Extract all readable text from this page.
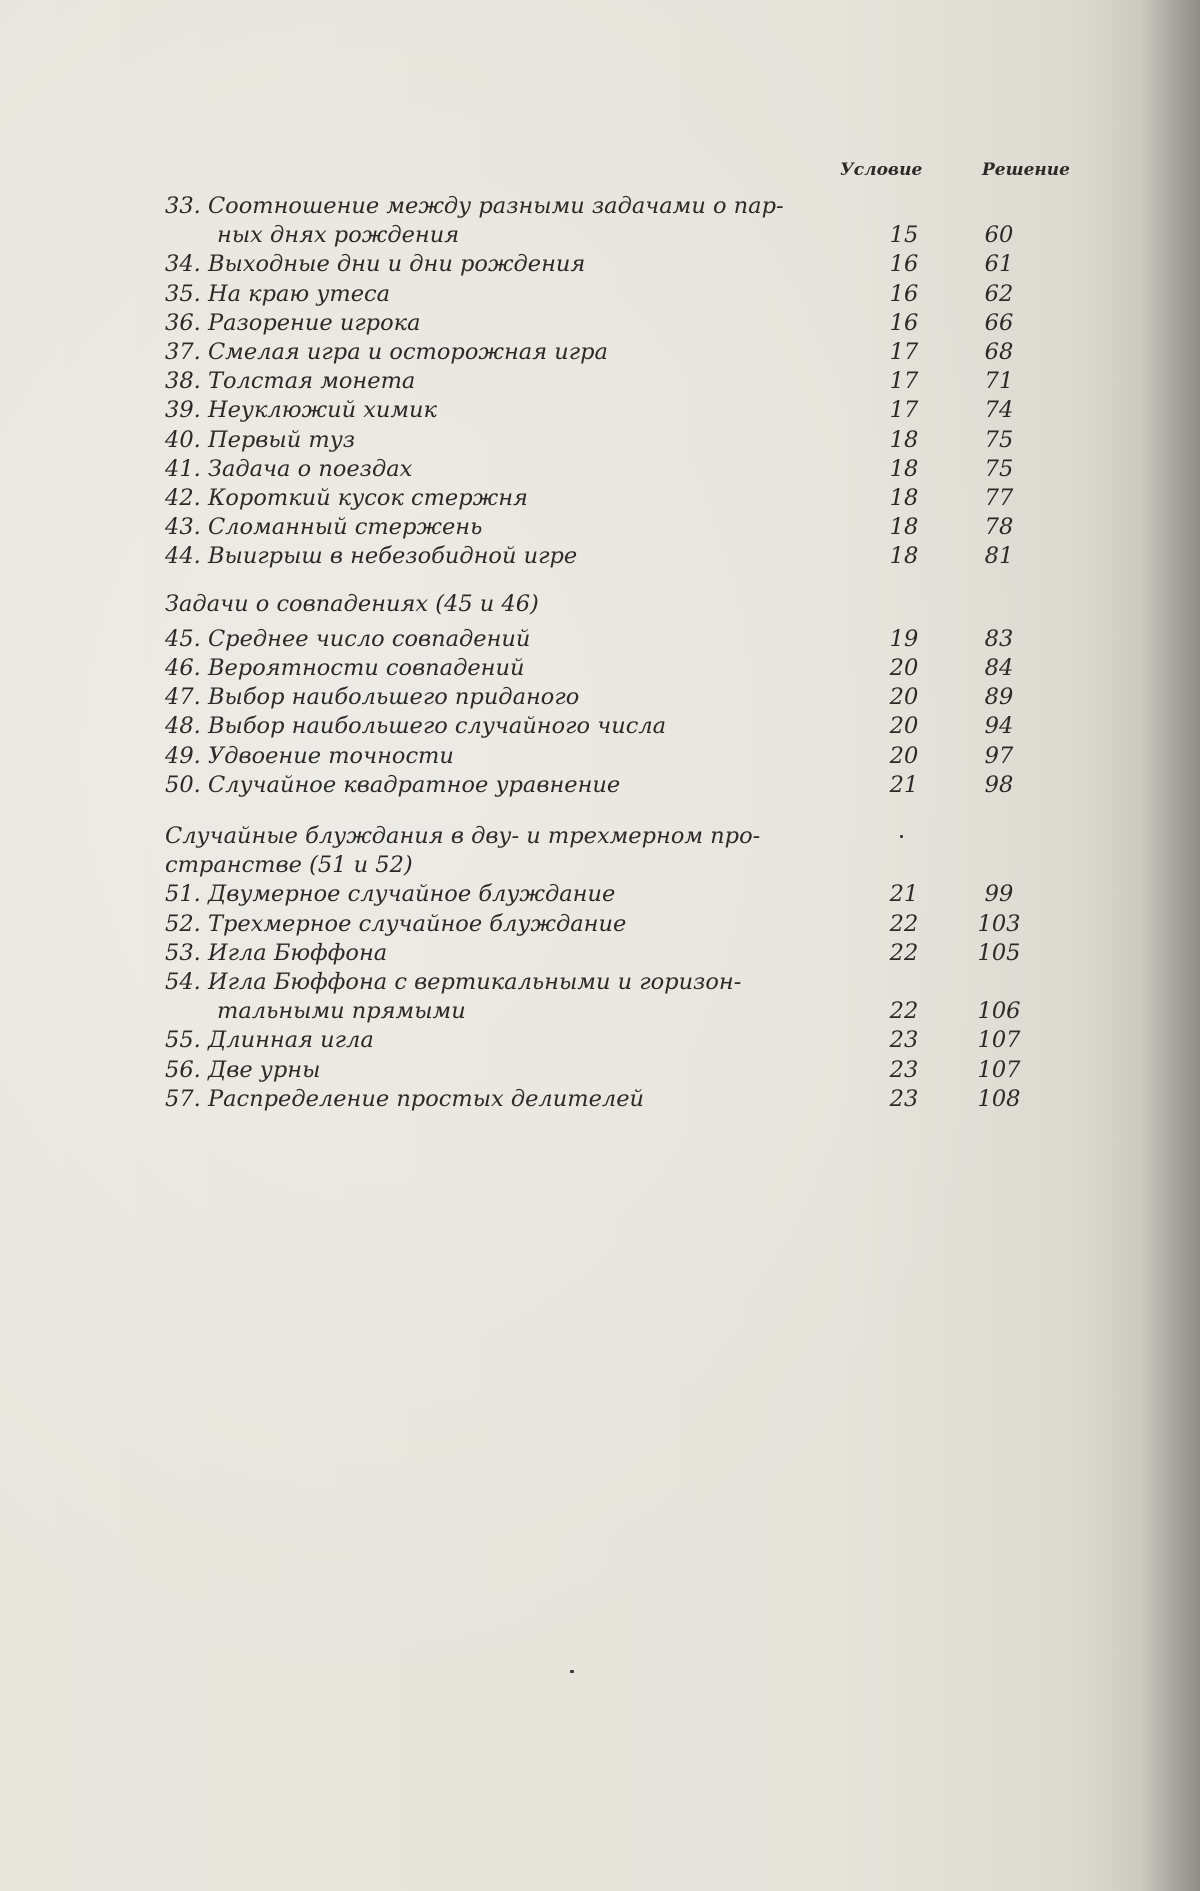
Условие	Решение
33. Соотношение между разными задачами о пар-
ных днях рождения	15	60
34. Выходные дни и дни рождения	16	61
35. На краю утеса	16	62
36. Разорение игрока	16	66
37. Смелая игра и осторожная игра	17	68
38. Толстая монета	17	71
39. Неуклюжий химик	17	74
40. Первый туз	18	75
41. Задача о поездах	18	75
42. Короткий кусок стержня	18	77
43. Сломанный стержень	18	78
44. Выигрыш в небезобидной игре	18	81
Задачи о совпадениях (45 и 46)
45. Среднее число совпадений	19	83
46. Вероятности совпадений	20	84
47. Выбор наибольшего приданого	20	89
48. Выбор наибольшего случайного числа	20	94
49. Удвоение точности	20	97
50. Случайное квадратное уравнение	21	98
Случайные блуждания в дву- и трехмерном про-
странстве (51 и 52)
51. Двумерное случайное блуждание	21	99
52. Трехмерное случайное блуждание	22	103
53. Игла Бюффона	22	105
54. Игла Бюффона с вертикальными и горизон-
тальными прямыми	22	106
55. Длинная игла	23	107
56. Две урны	23	107
57. Распределение простых делителей	23	108
